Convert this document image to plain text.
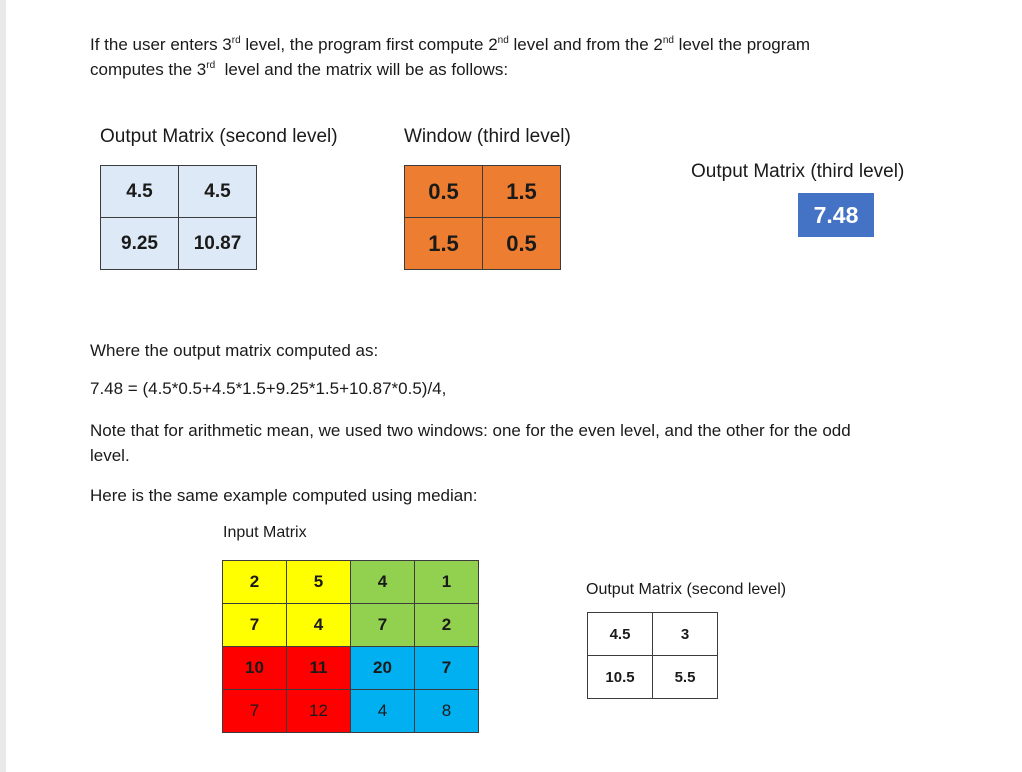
If the user enters 3rd level, the program first compute 2nd level and from the 2nd level the program
computes the 3rd  level and the matrix will be as follows:

Output Matrix (second level)	Window (third level)
Output Matrix (third level)
4.5	4.5
9.25	10.87
0.5	1.5
1.5	0.5
7.48

Where the output matrix computed as:

7.48 = (4.5*0.5+4.5*1.5+9.25*1.5+10.87*0.5)/4,

Note that for arithmetic mean, we used two windows: one for the even level, and the other for the odd
level.

Here is the same example computed using median:

Input Matrix
2	5	4	1
7	4	7	2
10	11	20	7
7	12	4	8
Output Matrix (second level)
4.5	3
10.5	5.5
